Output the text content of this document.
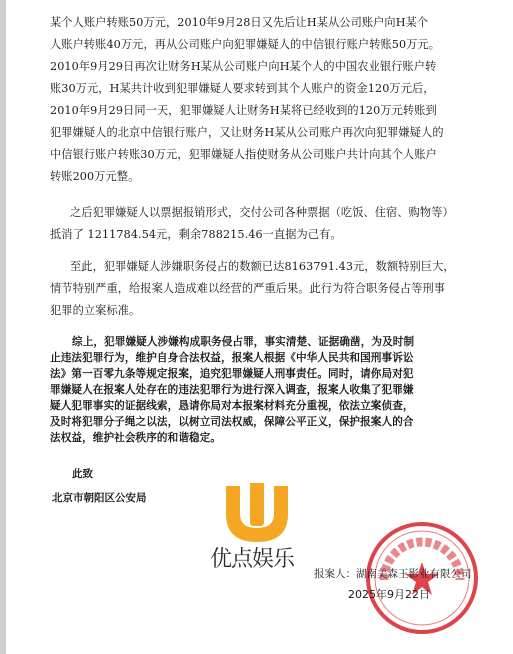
某个人账户转账50万元，2010年9月28日又先后让H某从公司账户向H某个
人账户转账40万元，再从公司账户向犯罪嫌疑人的中信银行账户转账50万元。
2010年9月29日再次让财务H某从公司账户向H某个人的中国农业银行账户转
账30万元，H某共计收到犯罪嫌疑人要求转到其个人账户的资金120万元后，
2010年9月29日同一天，犯罪嫌疑人让财务H某将已经收到的120万元转账到
犯罪嫌疑人的北京中信银行账户，又让财务H某从公司账户再次向犯罪嫌疑人的
中信银行账户转账30万元，犯罪嫌疑人指使财务从公司账户共计向其个人账户
转账200万元整。
之后犯罪嫌疑人以票据报销形式，交付公司各种票据（吃饭、住宿、购物等）
抵消了 1211784.54元，剩余788215.46一直据为己有。
至此，犯罪嫌疑人涉嫌职务侵占的数额已达8163791.43元，数额特别巨大，
情节特别严重，给报案人造成难以经营的严重后果。此行为符合职务侵占等刑事
犯罪的立案标准。
综上，犯罪嫌疑人涉嫌构成职务侵占罪，事实清楚、证据确凿，为及时制
止违法犯罪行为，维护自身合法权益，报案人根据《中华人民共和国刑事诉讼
法》第一百零九条等规定报案，追究犯罪嫌疑人刑事责任。同时，请你局对犯
罪嫌疑人在报案人处存在的违法犯罪行为进行深入调查，报案人收集了犯罪嫌
疑人犯罪事实的证据线索，恳请你局对本报案材料充分重视，依法立案侦查，
及时将犯罪分子绳之以法，以树立司法权威，保障公平正义，保护报案人的合
法权益，维护社会秩序的和谐稳定。
此致
北京市朝阳区公安局
优点娱乐
报案人：湖南美森王影业有限公司
2025年9月22日
